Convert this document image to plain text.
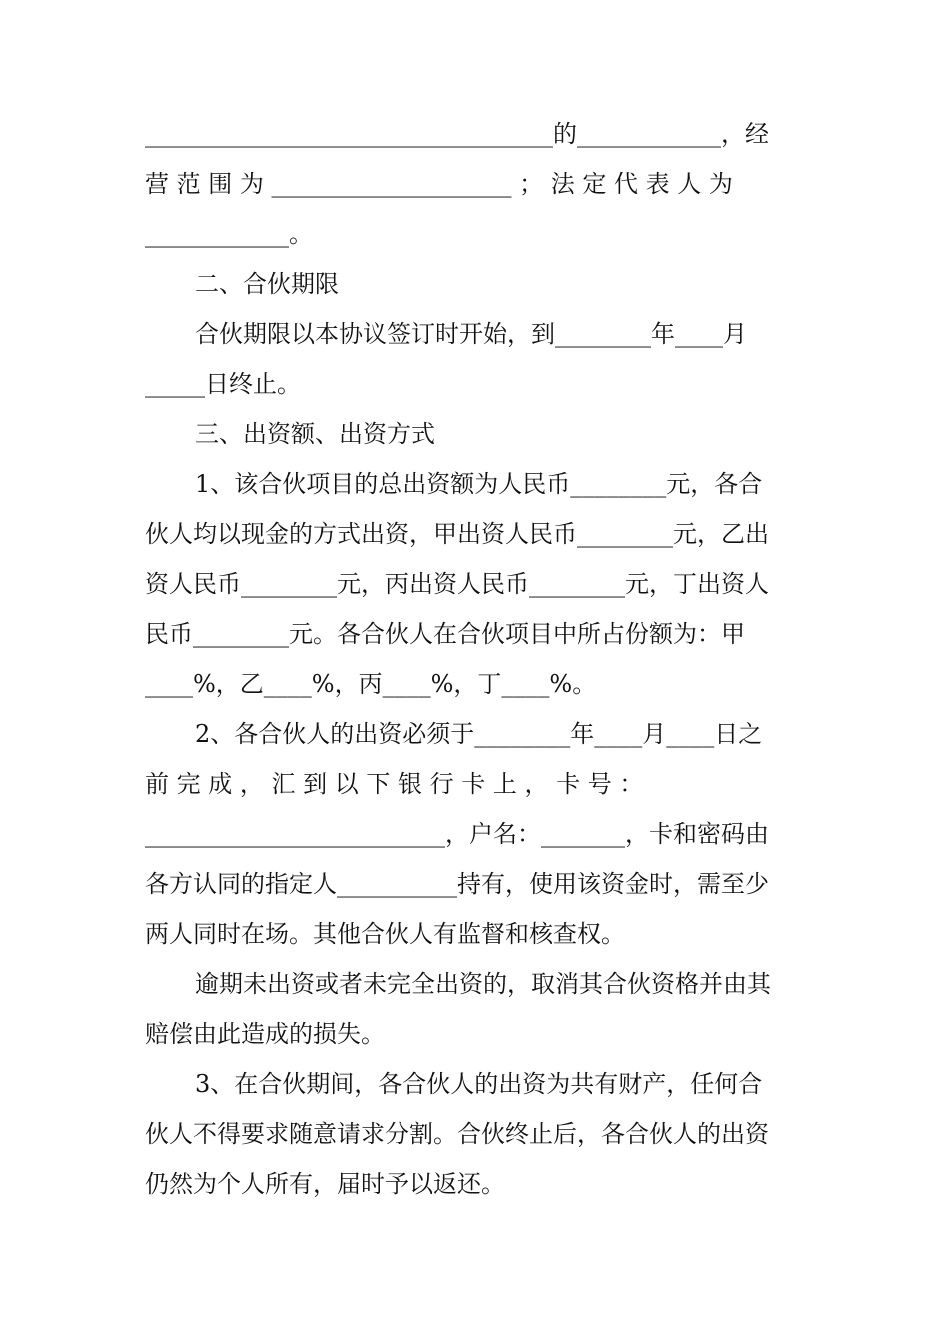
__________________________________的____________，经
营 范 围 为 ____________________ ； 法 定 代 表 人 为
____________。
二、合伙期限
合伙期限以本协议签订时开始，到________年____月
_____日终止。
三、出资额、出资方式
1、该合伙项目的总出资额为人民币________元，各合
伙人均以现金的方式出资，甲出资人民币________元，乙出
资人民币________元，丙出资人民币________元，丁出资人
民币________元。各合伙人在合伙项目中所占份额为：甲
____%，乙____%，丙____%，丁____%。
2、各合伙人的出资必须于________年____月____日之
前 完 成 ， 汇 到 以 下 银 行 卡 上 ， 卡 号 ：
_________________________，户名：_______，卡和密码由
各方认同的指定人__________持有，使用该资金时，需至少
两人同时在场。其他合伙人有监督和核查权。
逾期未出资或者未完全出资的，取消其合伙资格并由其
赔偿由此造成的损失。
3、在合伙期间，各合伙人的出资为共有财产，任何合
伙人不得要求随意请求分割。合伙终止后，各合伙人的出资
仍然为个人所有，届时予以返还。
